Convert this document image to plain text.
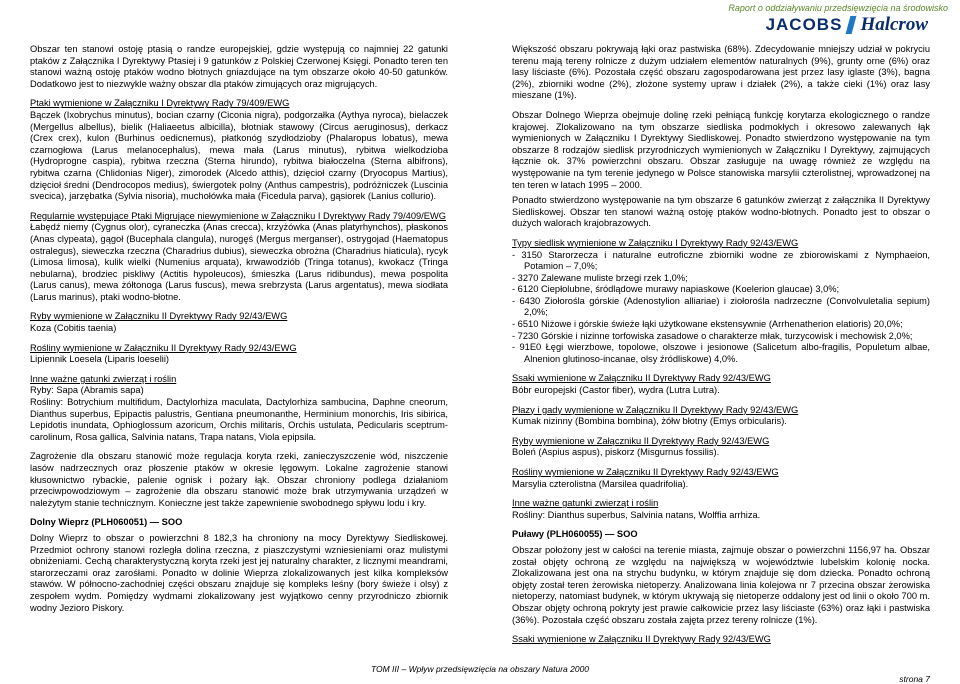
Raport o oddziaływaniu przedsięwzięcia na środowisko
JACOBS Halcrow

Obszar ten stanowi ostoję ptasią o randze europejskiej, gdzie występują co najmniej 22 gatunki ptaków z Załącznika I Dyrektywy Ptasiej i 9 gatunków z Polskiej Czerwonej Księgi. Ponadto teren ten stanowi ważną ostoję ptaków wodno błotnych gniazdujące na tym obszarze około 40-50 gatunków. Dodatkowo jest to niezwykle ważny obszar dla ptaków zimujących oraz migrujących.

Ptaki wymienione w Załączniku I Dyrektywy Rady 79/409/EWG

Bączek (Ixobrychus minutus), bocian czarny (Ciconia nigra), podgorzałka (Aythya nyroca), bielaczek (Mergellus albellus), bielik (Haliaeetus albicilla), błotniak stawowy (Circus aeruginosus), derkacz (Crex crex), kulon (Burhinus oedicnemus), płatkonóg szydłodzioby (Phalaropus lobatus), mewa czarnogłowa (Larus melanocephalus), mewa mała (Larus minutus), rybitwa wielkodzioba (Hydroprogne caspia), rybitwa rzeczna (Sterna hirundo), rybitwa białoczelna (Sterna albifrons), rybitwa czarna (Chlidonias Niger), zimorodek (Alcedo atthis), dzięcioł czarny (Dryocopus Martius), dzięcioł średni (Dendrocopos medius), świergotek polny (Anthus campestris), podróżniczek (Luscinia svecica), jarzębatka (Sylvia nisoria), muchołówka mała (Ficedula parva), gąsiorek (Lanius collurio).

Regularnie występujące Ptaki Migrujące niewymienione w Załączniku I Dyrektywy Rady 79/409/EWG

Łabędź niemy (Cygnus olor), cyraneczka (Anas crecca), krzyżówka (Anas platyrhynchos), płaskonos (Anas clypeata), gągoł (Bucephala clangula), nurogęś (Mergus merganser), ostrygojad (Haematopus ostralegus), sieweczka rzeczna (Charadrius dubius), sieweczka obrożna (Charadrius hiaticula), rycyk (Limosa limosa), kulik wielki (Numenius arquata), krwawodziób (Tringa totanus), kwokacz (Tringa nebularna), brodziec piskliwy (Actitis hypoleucos), śmieszka (Larus ridibundus), mewa pospolita (Larus canus), mewa żółtonoga (Larus fuscus), mewa srebrzysta (Larus argentatus), mewa siodłata (Larus marinus), ptaki wodno-błotne.

Ryby wymienione w Załączniku II Dyrektywy Rady 92/43/EWG

Koza (Cobitis taenia)

Rośliny wymienione w Załączniku II Dyrektywy Rady 92/43/EWG

Lipiennik Loesela (Liparis loeselii)

Inne ważne gatunki zwierząt i roślin

Ryby: Sapa (Abramis sapa)
Rośliny: Botrychium multifidum, Dactylorhiza maculata, Dactylorhiza sambucina, Daphne cneorum, Dianthus superbus, Epipactis palustris, Gentiana pneumonanthe, Herminium monorchis, Iris sibirica, Lepidotis inundata, Ophioglossum azoricum, Orchis militaris, Orchis ustulata, Pedicularis sceptrum-carolinum, Rosa gallica, Salvinia natans, Trapa natans, Viola epipsila.

Zagrożenie dla obszaru stanowić może regulacja koryta rzeki, zanieczyszczenie wód, niszczenie lasów nadrzecznych oraz płoszenie ptaków w okresie lęgowym. Lokalne zagrożenie stanowi kłusownictwo rybackie, palenie ognisk i pożary łąk. Obszar chroniony podlega działaniom przeciwpowodziowym – zagrożenie dla obszaru stanowić może brak utrzymywania urządzeń w należytym stanie technicznym. Konieczne jest także zapewnienie swobodnego spływu lodu i kry.

Dolny Wieprz (PLH060051) — SOO

Dolny Wieprz to obszar o powierzchni 8 182,3 ha chroniony na mocy Dyrektywy Siedliskowej. Przedmiot ochrony stanowi rozległa dolina rzeczna, z piaszczystymi wzniesieniami oraz mulistymi obniżeniami. Cechą charakterystyczną koryta rzeki jest jej naturalny charakter, z licznymi meandrami, starorzeczami oraz zarośłami. Ponadto w dolinie Wieprza zlokalizowanych jest kilka kompleksów stawów. W północno-zachodniej części obszaru znajduje się kompleks leśny (bory świeże i olsy) z zespołem wydm. Pomiędzy wydmami zlokalizowany jest wyjątkowo cenny przyrodniczo zbiornik wodny Jezioro Piskory.

Większość obszaru pokrywają łąki oraz pastwiska (68%). Zdecydowanie mniejszy udział w pokryciu terenu mają tereny rolnicze z dużym udziałem elementów naturalnych (9%), grunty orne (6%) oraz lasy liściaste (6%). Pozostała część obszaru zagospodarowana jest przez lasy iglaste (3%), bagna (2%), zbiorniki wodne (2%), złożone systemy upraw i działek (2%), a także cieki (1%) oraz lasy mieszane (1%).

Obszar Dolnego Wieprza obejmuje dolinę rzeki pełniącą funkcję korytarza ekologicznego o randze krajowej. Zlokalizowano na tym obszarze siedliska podmokłych i okresowo zalewanych łąk wymienionych w Załączniku I Dyrektywy Siedliskowej. Ponadto stwierdzono występowanie na tym obszarze 8 rodzajów siedlisk przyrodniczych wymienionych w Załączniku I Dyrektywy, zajmujących łącznie ok. 37% powierzchni obszaru. Obszar zasługuje na uwagę również ze względu na występowanie na tym terenie jedynego w Polsce stanowiska marsylii czterolistnej, wprowadzonej na ten teren w latach 1995 – 2000.

Ponadto stwierdzono występowanie na tym obszarze 6 gatunków zwierząt z załącznika II Dyrektywy Siedliskowej. Obszar ten stanowi ważną ostoję ptaków wodno-błotnych. Ponadto jest to obszar o dużych walorach krajobrazowych.

Typy siedlisk wymienione w Załączniku I Dyrektywy Rady 92/43/EWG

- 3150 Starorzecza i naturalne eutroficzne zbiorniki wodne ze zbiorowiskami z Nymphaeion, Potamion – 7,0%;
- 3270 Zalewane muliste brzegi rzek 1,0%;
- 6120 Ciepłolubne, śródlądowe murawy napiaskowe (Koelerion glaucae) 3,0%;
- 6430 Ziołorośla górskie (Adenostylion alliariae) i ziołorośla nadrzeczne (Convolvuletalia sepium) 2,0%;
- 6510 Niżowe i górskie świeże łąki użytkowane ekstensywnie (Arrhenatherion elatioris) 20,0%;
- 7230 Górskie i nizinne torfowiska zasadowe o charakterze młak, turzycowisk i mechowisk 2,0%;
- 91E0 Łęgi wierzbowe, topolowe, olszowe i jesionowe (Salicetum albo-fragilis, Populetum albae, Alnenion glutinoso-incanae, olsy źródliskowe) 4,0%.

Ssaki wymienione w Załączniku II Dyrektywy Rady 92/43/EWG

Bóbr europejski (Castor fiber), wydra (Lutra Lutra).

Płazy i gady wymienione w Załączniku II Dyrektywy Rady 92/43/EWG

Kumak nizinny (Bombina bombina), żółw błotny (Emys orbicularis).

Ryby wymienione w Załączniku II Dyrektywy Rady 92/43/EWG

Boleń (Aspius aspus), piskorz (Misgurnus fossilis).

Rośliny wymienione w Załączniku II Dyrektywy Rady 92/43/EWG

Marsylia czterolistna (Marsilea quadrifolia).

Inne ważne gatunki zwierząt i roślin

Rośliny: Dianthus superbus, Salvinia natans, Wolffia arrhiza.

Puławy (PLH060055) — SOO

Obszar położony jest w całości na terenie miasta, zajmuje obszar o powierzchni 1156,97 ha. Obszar został objęty ochroną ze względu na największą w województwie lubelskim kolonię nocka. Zlokalizowana jest ona na strychu budynku, w którym znajduje się dom dziecka. Ponadto ochroną objęty został teren żerowiska nietoperzy. Analizowana linia kolejowa nr 7 przecina obszar żerowiska nietoperzy, natomiast budynek, w którym ukrywają się nietoperze oddalony jest od linii o około 700 m. Obszar objęty ochroną pokryty jest prawie całkowicie przez lasy liściaste (63%) oraz łąki i pastwiska (36%). Pozostała część obszaru została zajęta przez tereny rolnicze (1%).

Ssaki wymienione w Załączniku II Dyrektywy Rady 92/43/EWG

TOM III – Wpływ przedsięwzięcia na obszary Natura 2000
strona 7
